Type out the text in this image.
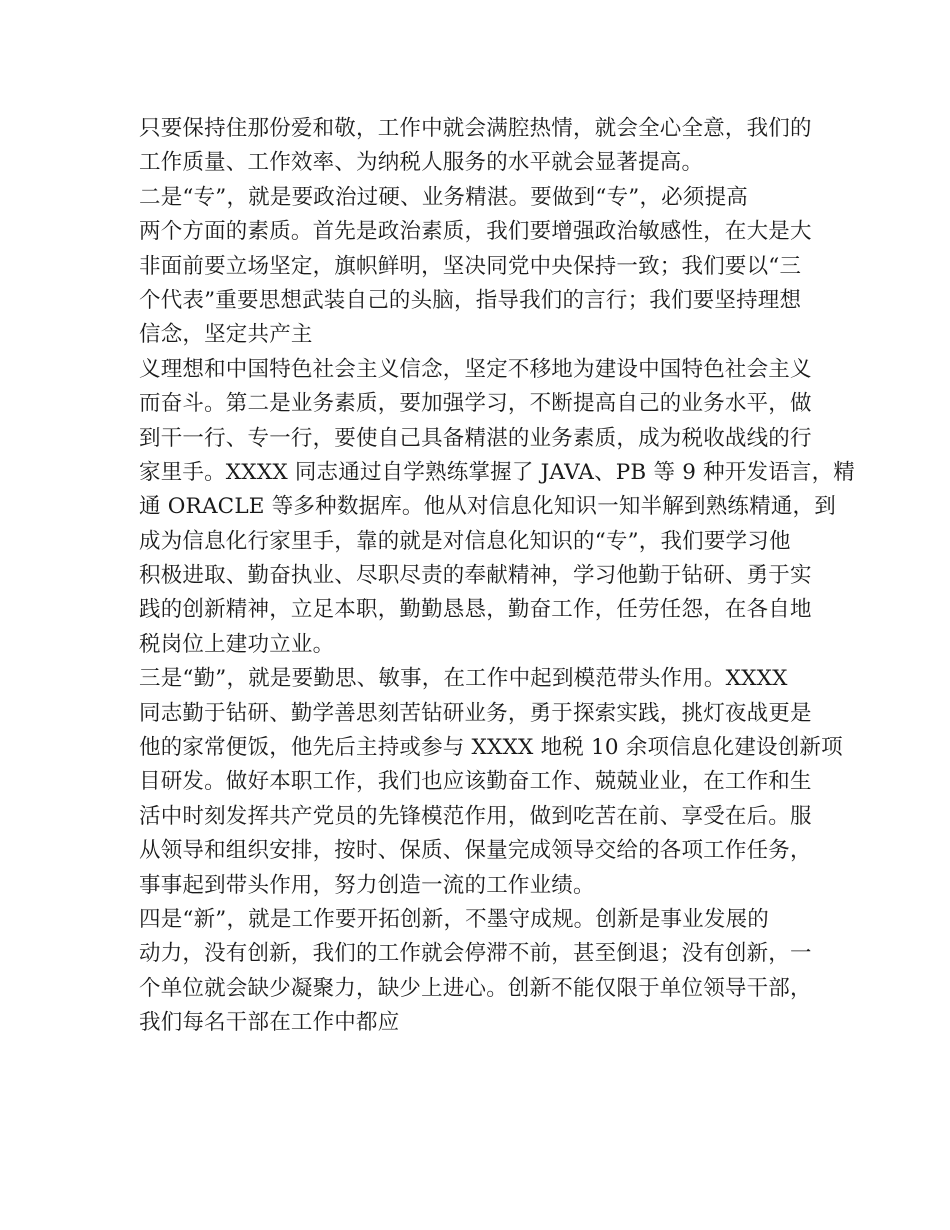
只要保持住那份爱和敬，工作中就会满腔热情，就会全心全意，我们的
工作质量、工作效率、为纳税人服务的水平就会显著提高。
二是“专”，就是要政治过硬、业务精湛。要做到“专”，必须提高
两个方面的素质。首先是政治素质，我们要增强政治敏感性，在大是大
非面前要立场坚定，旗帜鲜明，坚决同党中央保持一致；我们要以“三
个代表”重要思想武装自己的头脑，指导我们的言行；我们要坚持理想
信念，坚定共产主
义理想和中国特色社会主义信念，坚定不移地为建设中国特色社会主义
而奋斗。第二是业务素质，要加强学习，不断提高自己的业务水平，做
到干一行、专一行，要使自己具备精湛的业务素质，成为税收战线的行
家里手。XXXX 同志通过自学熟练掌握了 JAVA、PB 等 9 种开发语言，精
通 ORACLE 等多种数据库。他从对信息化知识一知半解到熟练精通，到
成为信息化行家里手，靠的就是对信息化知识的“专”，我们要学习他
积极进取、勤奋执业、尽职尽责的奉献精神，学习他勤于钻研、勇于实
践的创新精神，立足本职，勤勤恳恳，勤奋工作，任劳任怨，在各自地
税岗位上建功立业。
三是“勤”，就是要勤思、敏事，在工作中起到模范带头作用。XXXX
同志勤于钻研、勤学善思刻苦钻研业务，勇于探索实践，挑灯夜战更是
他的家常便饭，他先后主持或参与 XXXX 地税 10 余项信息化建设创新项
目研发。做好本职工作，我们也应该勤奋工作、兢兢业业，在工作和生
活中时刻发挥共产党员的先锋模范作用，做到吃苦在前、享受在后。服
从领导和组织安排，按时、保质、保量完成领导交给的各项工作任务，
事事起到带头作用，努力创造一流的工作业绩。
四是“新”，就是工作要开拓创新，不墨守成规。创新是事业发展的
动力，没有创新，我们的工作就会停滞不前，甚至倒退；没有创新，一
个单位就会缺少凝聚力，缺少上进心。创新不能仅限于单位领导干部，
我们每名干部在工作中都应
